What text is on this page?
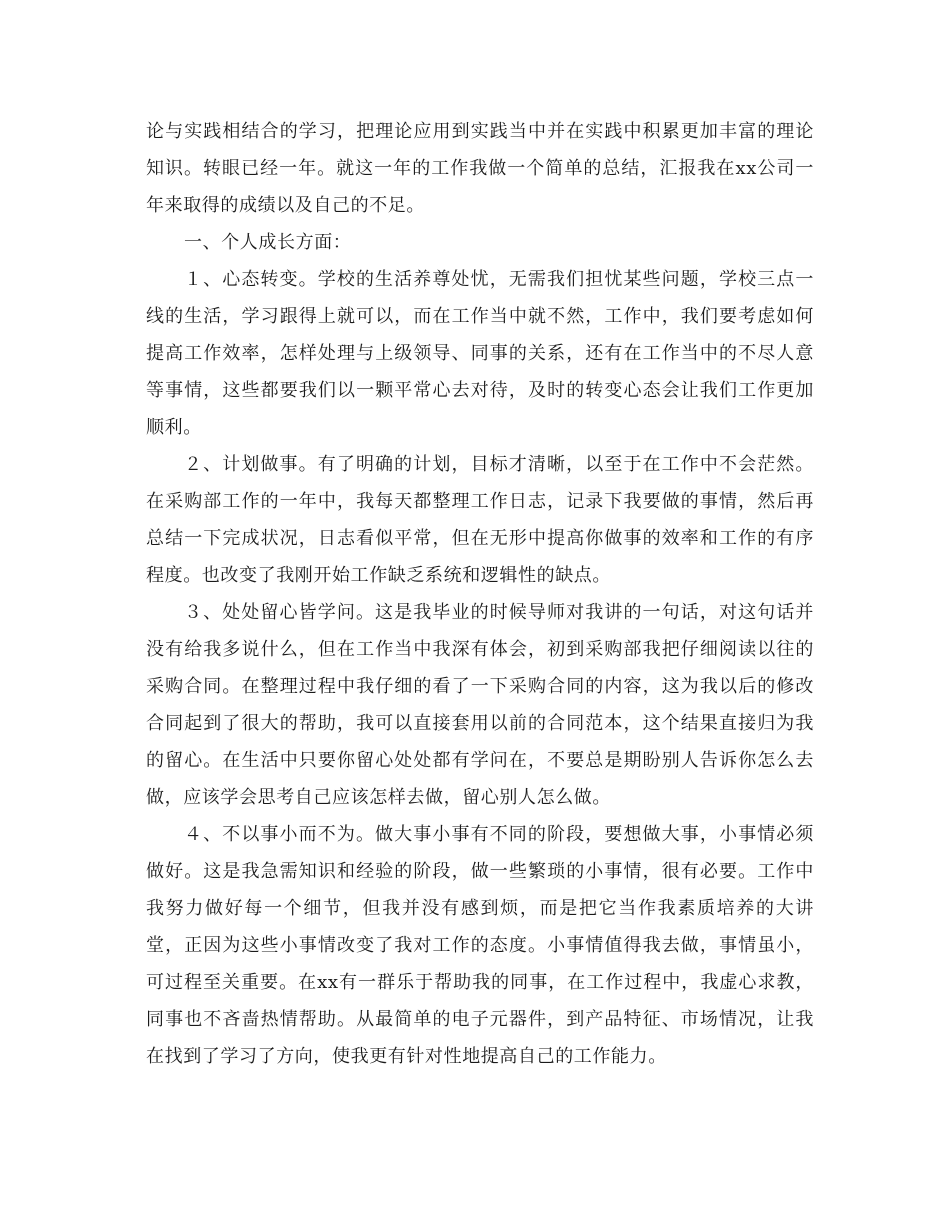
论与实践相结合的学习，把理论应用到实践当中并在实践中积累更加丰富的理论知识。转眼已经一年。就这一年的工作我做一个简单的总结，汇报我在xx公司一年来取得的成绩以及自己的不足。

一、个人成长方面：

１、心态转变。学校的生活养尊处忧，无需我们担忧某些问题，学校三点一线的生活，学习跟得上就可以，而在工作当中就不然，工作中，我们要考虑如何提高工作效率，怎样处理与上级领导、同事的关系，还有在工作当中的不尽人意等事情，这些都要我们以一颗平常心去对待，及时的转变心态会让我们工作更加顺利。

２、计划做事。有了明确的计划，目标才清晰，以至于在工作中不会茫然。在采购部工作的一年中，我每天都整理工作日志，记录下我要做的事情，然后再总结一下完成状况，日志看似平常，但在无形中提高你做事的效率和工作的有序程度。也改变了我刚开始工作缺乏系统和逻辑性的缺点。

３、处处留心皆学问。这是我毕业的时候导师对我讲的一句话，对这句话并没有给我多说什么，但在工作当中我深有体会，初到采购部我把仔细阅读以往的采购合同。在整理过程中我仔细的看了一下采购合同的内容，这为我以后的修改合同起到了很大的帮助，我可以直接套用以前的合同范本，这个结果直接归为我的留心。在生活中只要你留心处处都有学问在，不要总是期盼别人告诉你怎么去做，应该学会思考自己应该怎样去做，留心别人怎么做。

４、不以事小而不为。做大事小事有不同的阶段，要想做大事，小事情必须做好。这是我急需知识和经验的阶段，做一些繁琐的小事情，很有必要。工作中我努力做好每一个细节，但我并没有感到烦，而是把它当作我素质培养的大讲堂，正因为这些小事情改变了我对工作的态度。小事情值得我去做，事情虽小，可过程至关重要。在xx有一群乐于帮助我的同事，在工作过程中，我虚心求教，同事也不吝啬热情帮助。从最简单的电子元器件，到产品特征、市场情况，让我在找到了学习了方向，使我更有针对性地提高自己的工作能力。
